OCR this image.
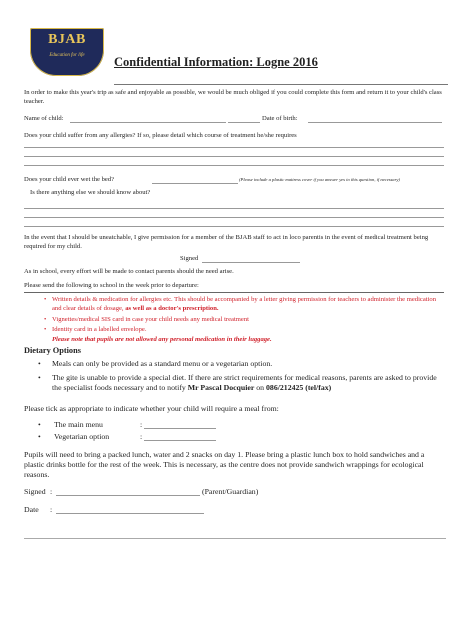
BJAB
Education for life	Confidential Information: Logne 2016
In order to make this year's trip as safe and enjoyable as possible, we would be much obliged if you could complete this form and return it to your child's class teacher.
Name of child:	Date of birth:
Does your child suffer from any allergies? If so, please detail which course of treatment he/she requires
Does your child ever wet the bed?	(Please include a plastic mattress cover if you answer yes to this question, if necessary)
Is there anything else we should know about?
In the event that I should be uneatchable, I give permission for a member of the BJAB staff to act in loco parentis in the event of medical treatment being required for my child.
Signed
As in school, every effort will be made to contact parents should the need arise.
Please send the following to school in the week prior to departure:
• Written details & medication for allergies etc. This should be accompanied by a letter giving permission for teachers to administer the medication and clear details of dosage, as well as a doctor's prescription.
• Vignettes/medical SIS card in case your child needs any medical treatment
• Identity card in a labelled envelope.
Please note that pupils are not allowed any personal medication in their luggage.
Dietary Options
• Meals can only be provided as a standard menu or a vegetarian option.
• The gite is unable to provide a special diet. If there are strict requirements for medical reasons, parents are asked to provide the specialist foods necessary and to notify Mr Pascal Docquier on 086/212425 (tel/fax)
Please tick as appropriate to indicate whether your child will require a meal from:
• The main menu	:
• Vegetarian option	:
Pupils will need to bring a packed lunch, water and 2 snacks on day 1. Please bring a plastic lunch box to hold sandwiches and a plastic drinks bottle for the rest of the week. This is necessary, as the centre does not provide sandwich wrappings for ecological reasons.
Signed :	(Parent/Guardian)
Date :
